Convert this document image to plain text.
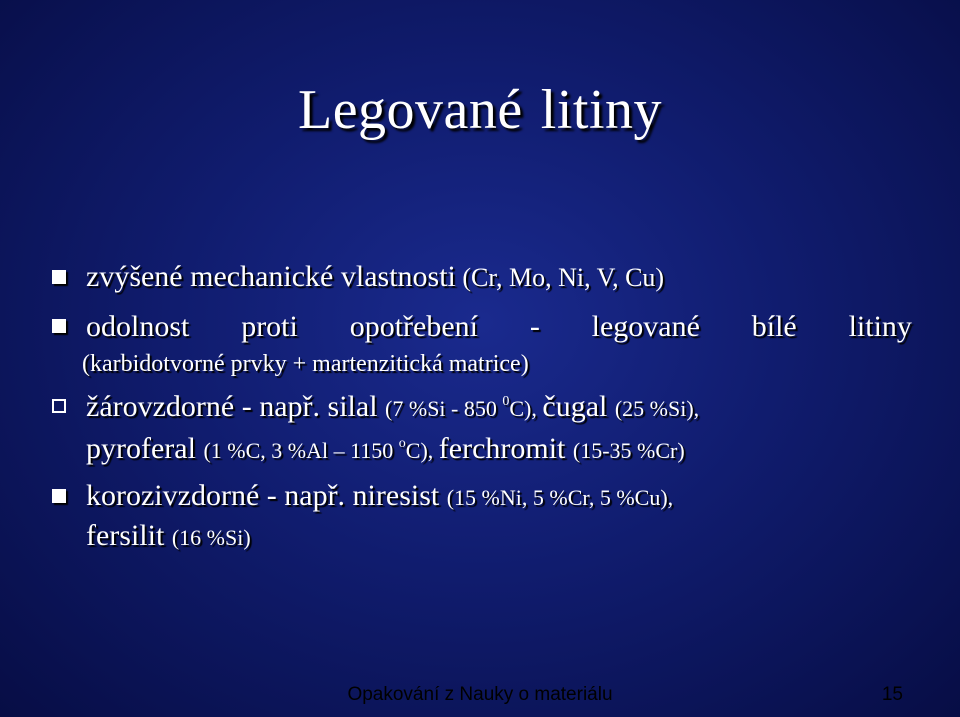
Legované litiny
zvýšené mechanické vlastnosti (Cr, Mo, Ni, V, Cu)
odolnost proti opotřebení - legované bílé litiny
(karbidotvorné prvky + martenzitická matrice)
žárovzdorné - např. silal (7 %Si - 850 $^0$C), čugal (25 %Si),
pyroferal (1 %C, 3 %Al – 1150 $^o$C), ferchromit (15-35 %Cr)
korozivzdorné - např. niresist (15 %Ni, 5 %Cr, 5 %Cu),
fersilit (16 %Si)
Opakování z Nauky o materiálu	15
